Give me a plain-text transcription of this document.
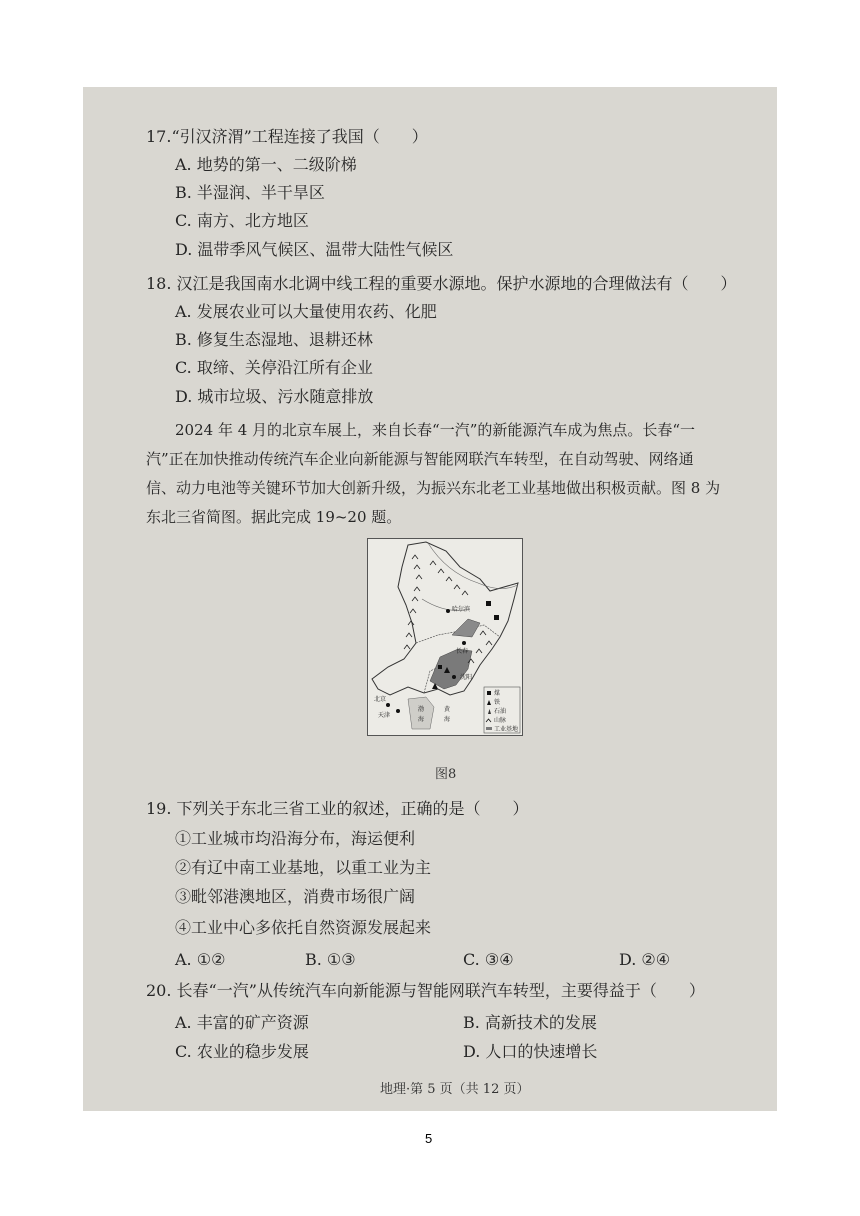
17.“引汉济渭”工程连接了我国（　　）
A. 地势的第一、二级阶梯
B. 半湿润、半干旱区
C. 南方、北方地区
D. 温带季风气候区、温带大陆性气候区
18. 汉江是我国南水北调中线工程的重要水源地。保护水源地的合理做法有（　　）
A. 发展农业可以大量使用农药、化肥
B. 修复生态湿地、退耕还林
C. 取缔、关停沿江所有企业
D. 城市垃圾、污水随意排放
2024 年 4 月的北京车展上，来自长春“一汽”的新能源汽车成为焦点。长春“一
汽”正在加快推动传统汽车企业向新能源与智能网联汽车转型，在自动驾驶、网络通
信、动力电池等关键环节加大创新升级，为振兴东北老工业基地做出积极贡献。图 8 为
东北三省简图。据此完成 19~20 题。
哈尔滨
长春
沈阳
北京
天津
渤
海
黄
海
煤
铁
石油
山脉
工业基地
图8
19. 下列关于东北三省工业的叙述，正确的是（　　）
①工业城市均沿海分布，海运便利
②有辽中南工业基地，以重工业为主
③毗邻港澳地区，消费市场很广阔
④工业中心多依托自然资源发展起来
A. ①②	B. ①③	C. ③④	D. ②④
20. 长春“一汽”从传统汽车向新能源与智能网联汽车转型，主要得益于（　　）
A. 丰富的矿产资源	B. 高新技术的发展
C. 农业的稳步发展	D. 人口的快速增长
地理·第 5 页（共 12 页）
5
